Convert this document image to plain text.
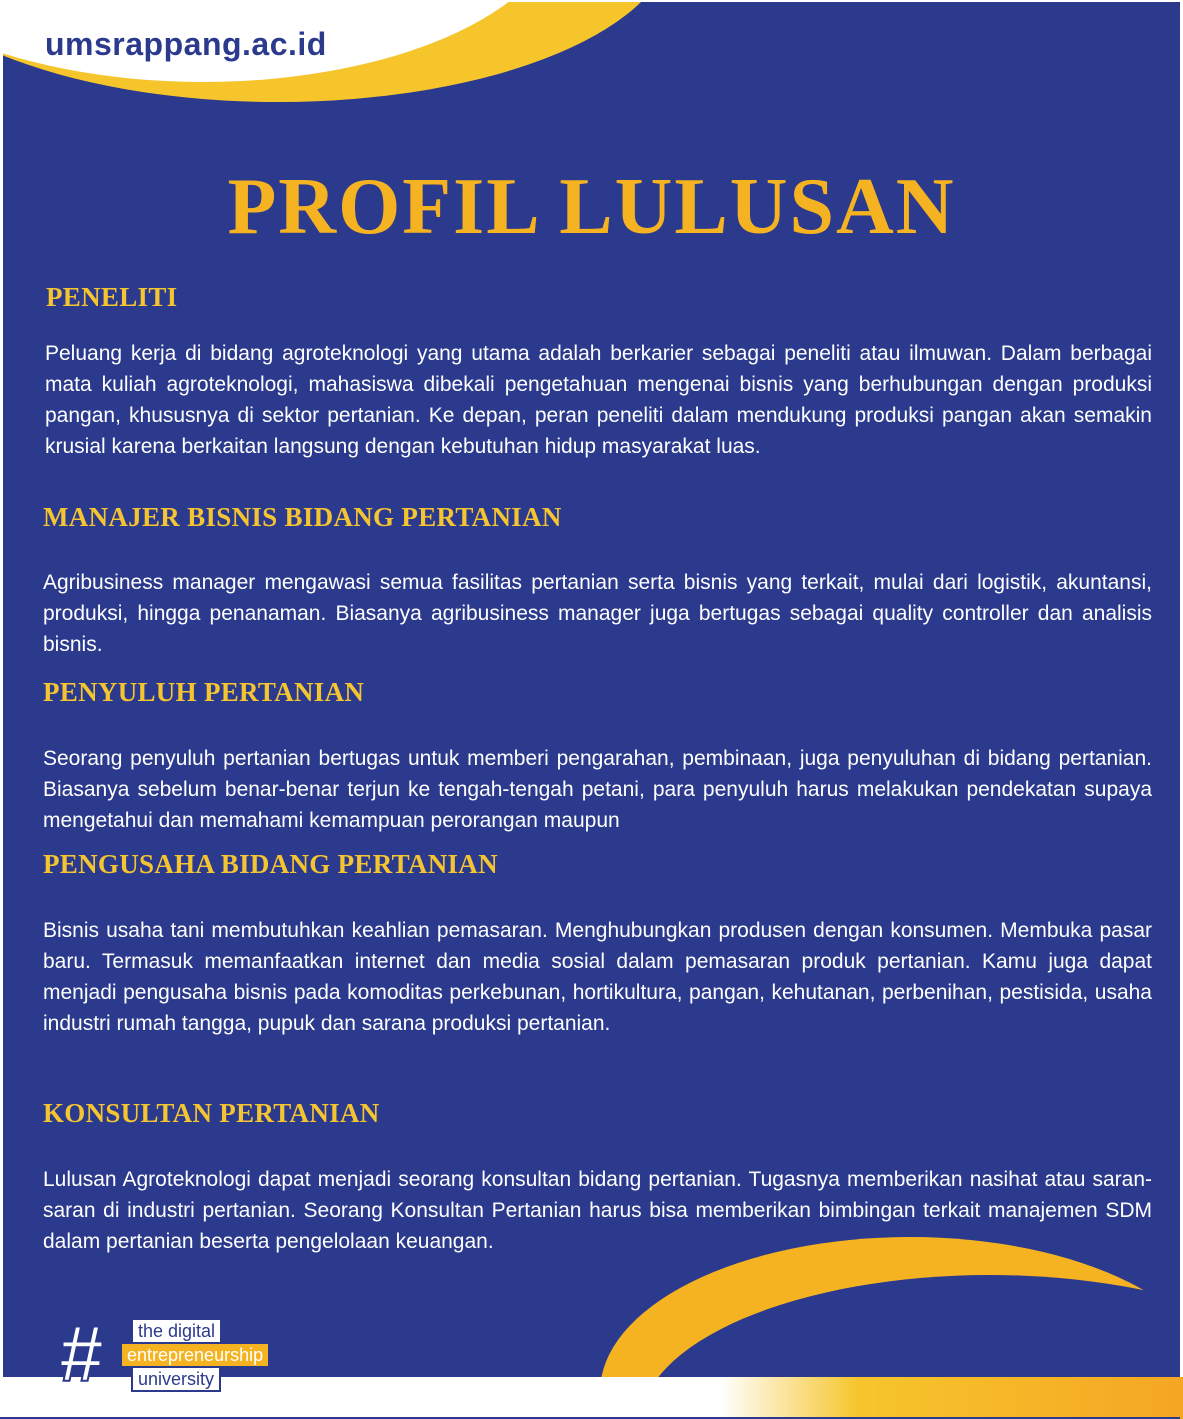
umsrappang.ac.id

PROFIL LULUSAN
PENELITI

Peluang kerja di bidang agroteknologi yang utama adalah berkarier sebagai peneliti atau ilmuwan. Dalam berbagai mata kuliah agroteknologi, mahasiswa dibekali pengetahuan mengenai bisnis yang berhubungan dengan produksi pangan, khususnya di sektor pertanian. Ke depan, peran peneliti dalam mendukung produksi pangan akan semakin krusial karena berkaitan langsung dengan kebutuhan hidup masyarakat luas.

MANAJER BISNIS BIDANG PERTANIAN

Agribusiness manager mengawasi semua fasilitas pertanian serta bisnis yang terkait, mulai dari logistik, akuntansi, produksi, hingga penanaman. Biasanya agribusiness manager juga bertugas sebagai quality controller dan analisis bisnis.

PENYULUH PERTANIAN

Seorang penyuluh pertanian bertugas untuk memberi pengarahan, pembinaan, juga penyuluhan di bidang pertanian. Biasanya sebelum benar-benar terjun ke tengah-tengah petani, para penyuluh harus melakukan pendekatan supaya mengetahui dan memahami kemampuan perorangan maupun

PENGUSAHA BIDANG PERTANIAN

Bisnis usaha tani membutuhkan keahlian pemasaran. Menghubungkan produsen dengan konsumen. Membuka pasar baru. Termasuk memanfaatkan internet dan media sosial dalam pemasaran produk pertanian. Kamu juga dapat menjadi pengusaha bisnis pada komoditas perkebunan, hortikultura, pangan, kehutanan, perbenihan, pestisida, usaha industri rumah tangga, pupuk dan sarana produksi pertanian.

KONSULTAN PERTANIAN

Lulusan Agroteknologi dapat menjadi seorang konsultan bidang pertanian. Tugasnya memberikan nasihat atau saran-saran di industri pertanian. Seorang Konsultan Pertanian harus bisa memberikan bimbingan terkait manajemen SDM dalam pertanian beserta pengelolaan keuangan.

#	the digital
entrepreneurship
university
